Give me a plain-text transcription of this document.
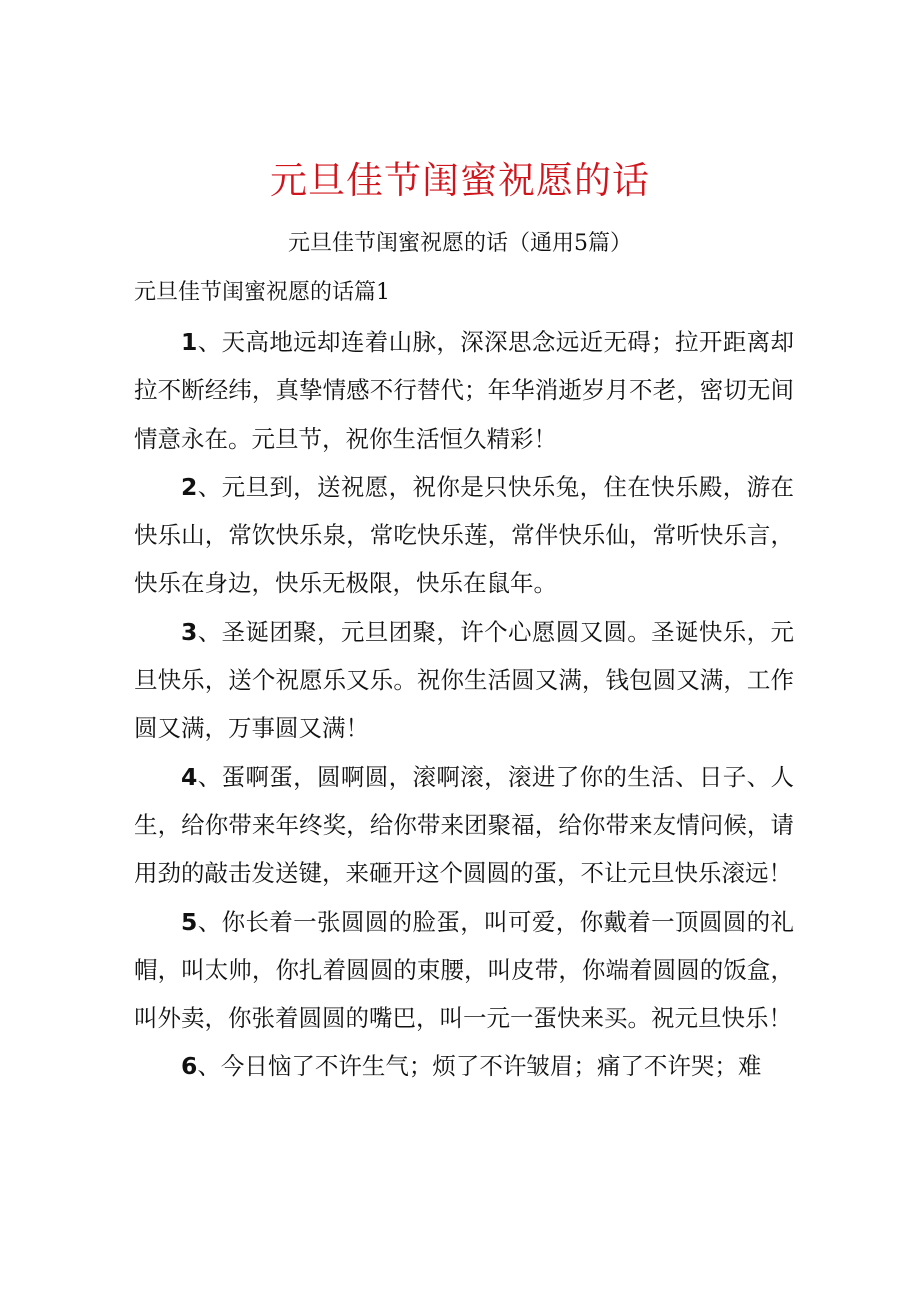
元旦佳节闺蜜祝愿的话
元旦佳节闺蜜祝愿的话（通用5篇）
元旦佳节闺蜜祝愿的话篇1

1、天高地远却连着山脉，深深思念远近无碍；拉开距离却拉不断经纬，真挚情感不行替代；年华消逝岁月不老，密切无间情意永在。元旦节，祝你生活恒久精彩！

2、元旦到，送祝愿，祝你是只快乐兔，住在快乐殿，游在快乐山，常饮快乐泉，常吃快乐莲，常伴快乐仙，常听快乐言，快乐在身边，快乐无极限，快乐在鼠年。

3、圣诞团聚，元旦团聚，许个心愿圆又圆。圣诞快乐，元旦快乐，送个祝愿乐又乐。祝你生活圆又满，钱包圆又满，工作圆又满，万事圆又满！

4、蛋啊蛋，圆啊圆，滚啊滚，滚进了你的生活、日子、人生，给你带来年终奖，给你带来团聚福，给你带来友情问候，请用劲的敲击发送键，来砸开这个圆圆的蛋，不让元旦快乐滚远！

5、你长着一张圆圆的脸蛋，叫可爱，你戴着一顶圆圆的礼帽，叫太帅，你扎着圆圆的束腰，叫皮带，你端着圆圆的饭盒，叫外卖，你张着圆圆的嘴巴，叫一元一蛋快来买。祝元旦快乐！

6、今日恼了不许生气；烦了不许皱眉；痛了不许哭；难
